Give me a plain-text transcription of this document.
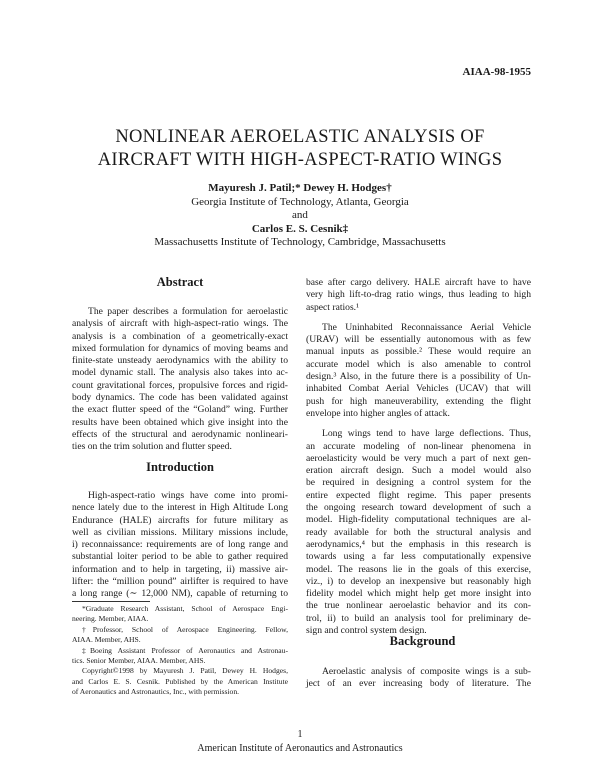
AIAA-98-1955
NONLINEAR AEROELASTIC ANALYSIS OF
AIRCRAFT WITH HIGH-ASPECT-RATIO WINGS
Mayuresh J. Patil;* Dewey H. Hodges†
Georgia Institute of Technology, Atlanta, Georgia
and
Carlos E. S. Cesnik‡
Massachusetts Institute of Technology, Cambridge, Massachusetts
Abstract
The paper describes a formulation for aeroelastic
analysis of aircraft with high-aspect-ratio wings. The
analysis is a combination of a geometrically-exact
mixed formulation for dynamics of moving beams and
finite-state unsteady aerodynamics with the ability to
model dynamic stall. The analysis also takes into ac-
count gravitational forces, propulsive forces and rigid-
body dynamics. The code has been validated against
the exact flutter speed of the “Goland” wing. Further
results have been obtained which give insight into the
effects of the structural and aerodynamic nonlineari-
ties on the trim solution and flutter speed.
Introduction
High-aspect-ratio wings have come into promi-
nence lately due to the interest in High Altitude Long
Endurance (HALE) aircrafts for future military as
well as civilian missions. Military missions include,
i) reconnaissance: requirements are of long range and
substantial loiter period to be able to gather required
information and to help in targeting, ii) massive air-
lifter: the “million pound” airlifter is required to have
a long range (∼ 12,000 NM), capable of returning to
*Graduate Research Assistant, School of Aerospace Engi-
neering. Member, AIAA.
†Professor, School of Aerospace Engineering. Fellow,
AIAA. Member, AHS.
‡Boeing Assistant Professor of Aeronautics and Astronau-
tics. Senior Member, AIAA. Member, AHS.
Copyright©1998 by Mayuresh J. Patil, Dewey H. Hodges,
and Carlos E. S. Cesnik. Published by the American Institute
of Aeronautics and Astronautics, Inc., with permission.
base after cargo delivery. HALE aircraft have to have
very high lift-to-drag ratio wings, thus leading to high
aspect ratios.¹
The Uninhabited Reconnaissance Aerial Vehicle
(URAV) will be essentially autonomous with as few
manual inputs as possible.² These would require an
accurate model which is also amenable to control
design.³ Also, in the future there is a possibility of Un-
inhabited Combat Aerial Vehicles (UCAV) that will
push for high maneuverability, extending the flight
envelope into higher angles of attack.
Long wings tend to have large deflections. Thus,
an accurate modeling of non-linear phenomena in
aeroelasticity would be very much a part of next gen-
eration aircraft design. Such a model would also
be required in designing a control system for the
entire expected flight regime. This paper presents
the ongoing research toward development of such a
model. High-fidelity computational techniques are al-
ready available for both the structural analysis and
aerodynamics,⁴ but the emphasis in this research is
towards using a far less computationally expensive
model. The reasons lie in the goals of this exercise,
viz., i) to develop an inexpensive but reasonably high
fidelity model which might help get more insight into
the true nonlinear aeroelastic behavior and its con-
trol, ii) to build an analysis tool for preliminary de-
sign and control system design.
Background
Aeroelastic analysis of composite wings is a sub-
ject of an ever increasing body of literature. The
1
American Institute of Aeronautics and Astronautics
